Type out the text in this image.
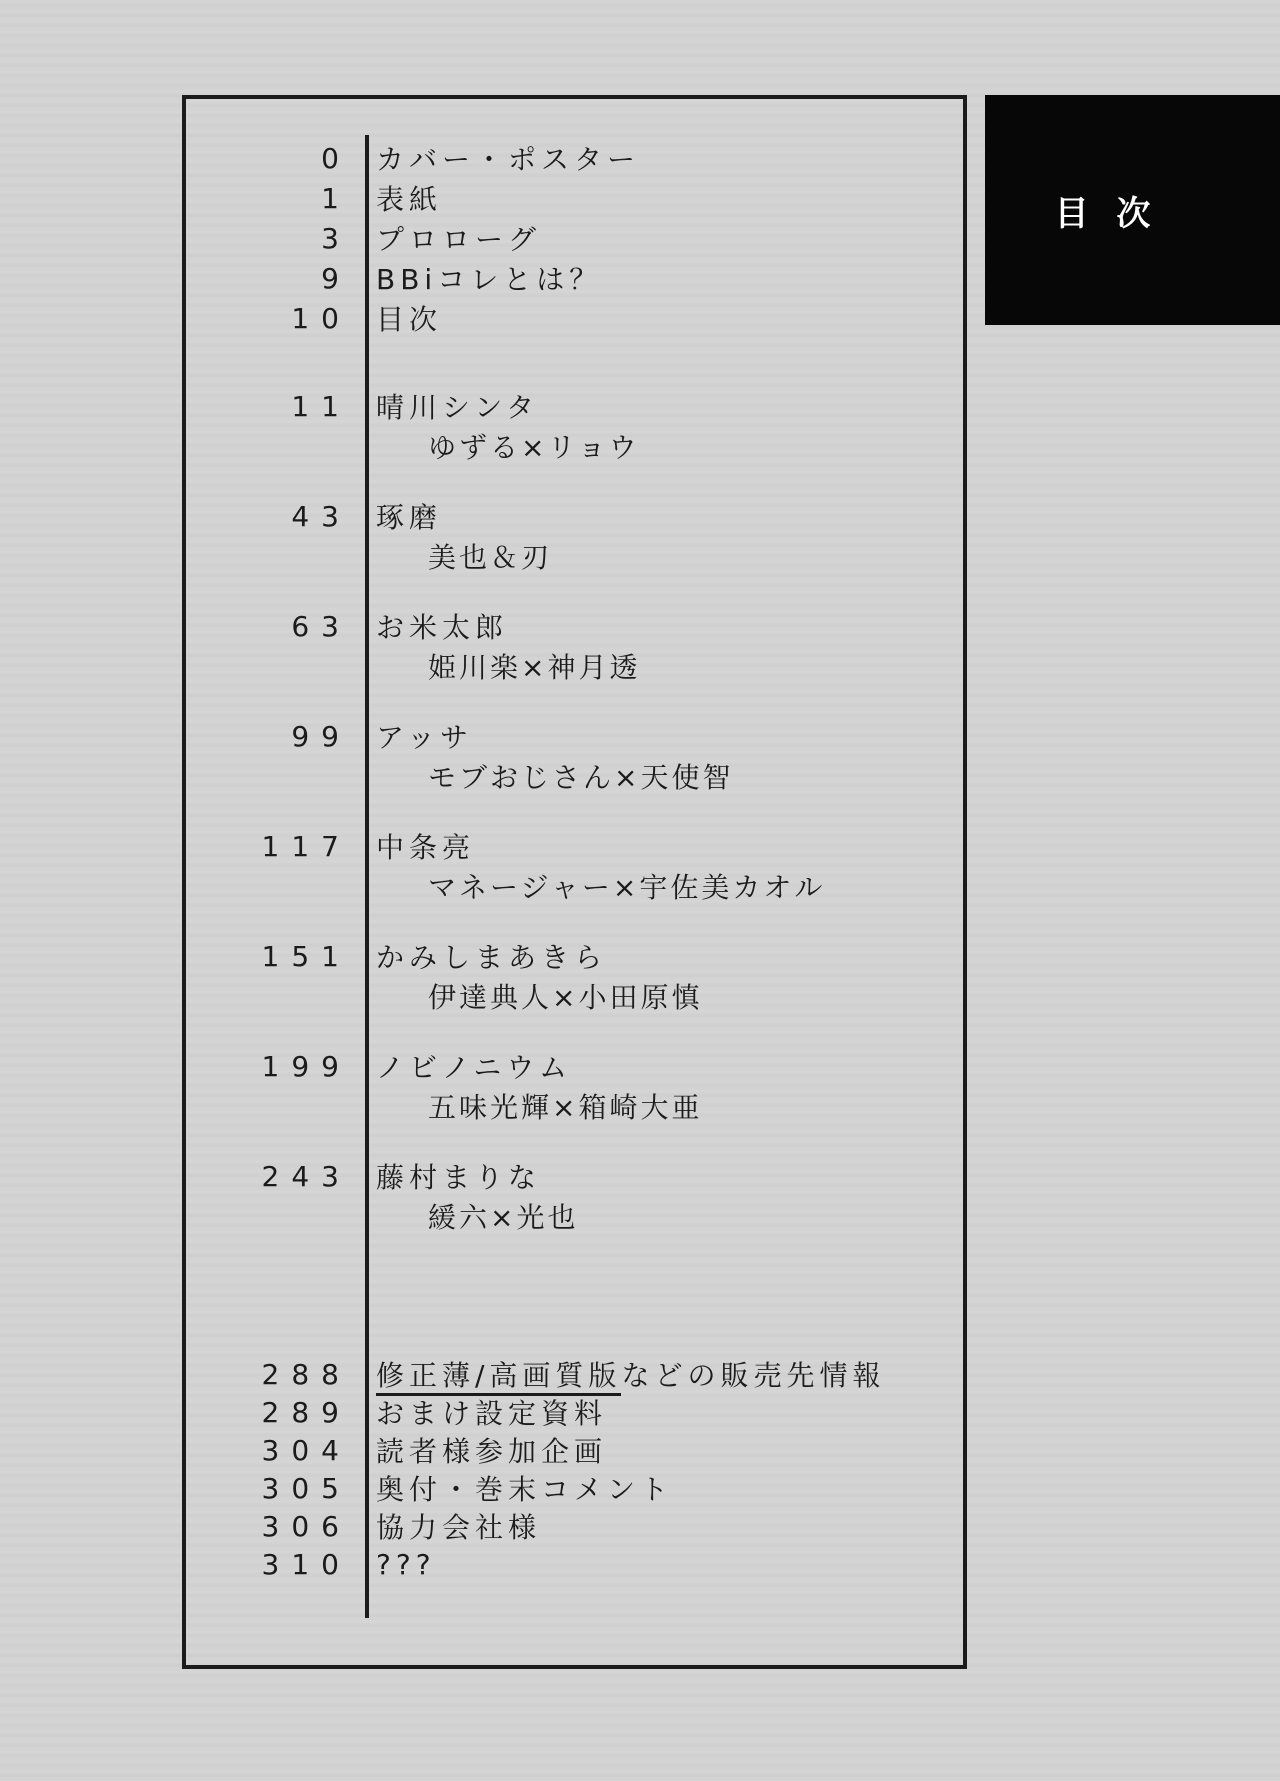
0 カバー・ポスター
1 表紙
3 プロローグ
9 BBiコレとは？
10 目次
11 晴川シンタ
ゆずる×リョウ
43 琢磨
美也＆刃
63 お米太郎
姫川楽×神月透
99 アッサ
モブおじさん×天使智
117 中条亮
マネージャー×宇佐美カオル
151 かみしまあきら
伊達典人×小田原慎
199 ノビノニウム
五味光輝×箱崎大亜
243 藤村まりな
緩六×光也
288 修正薄/高画質版などの販売先情報
289 おまけ設定資料
304 読者様参加企画
305 奥付・巻末コメント
306 協力会社様
310 ???
目 次
